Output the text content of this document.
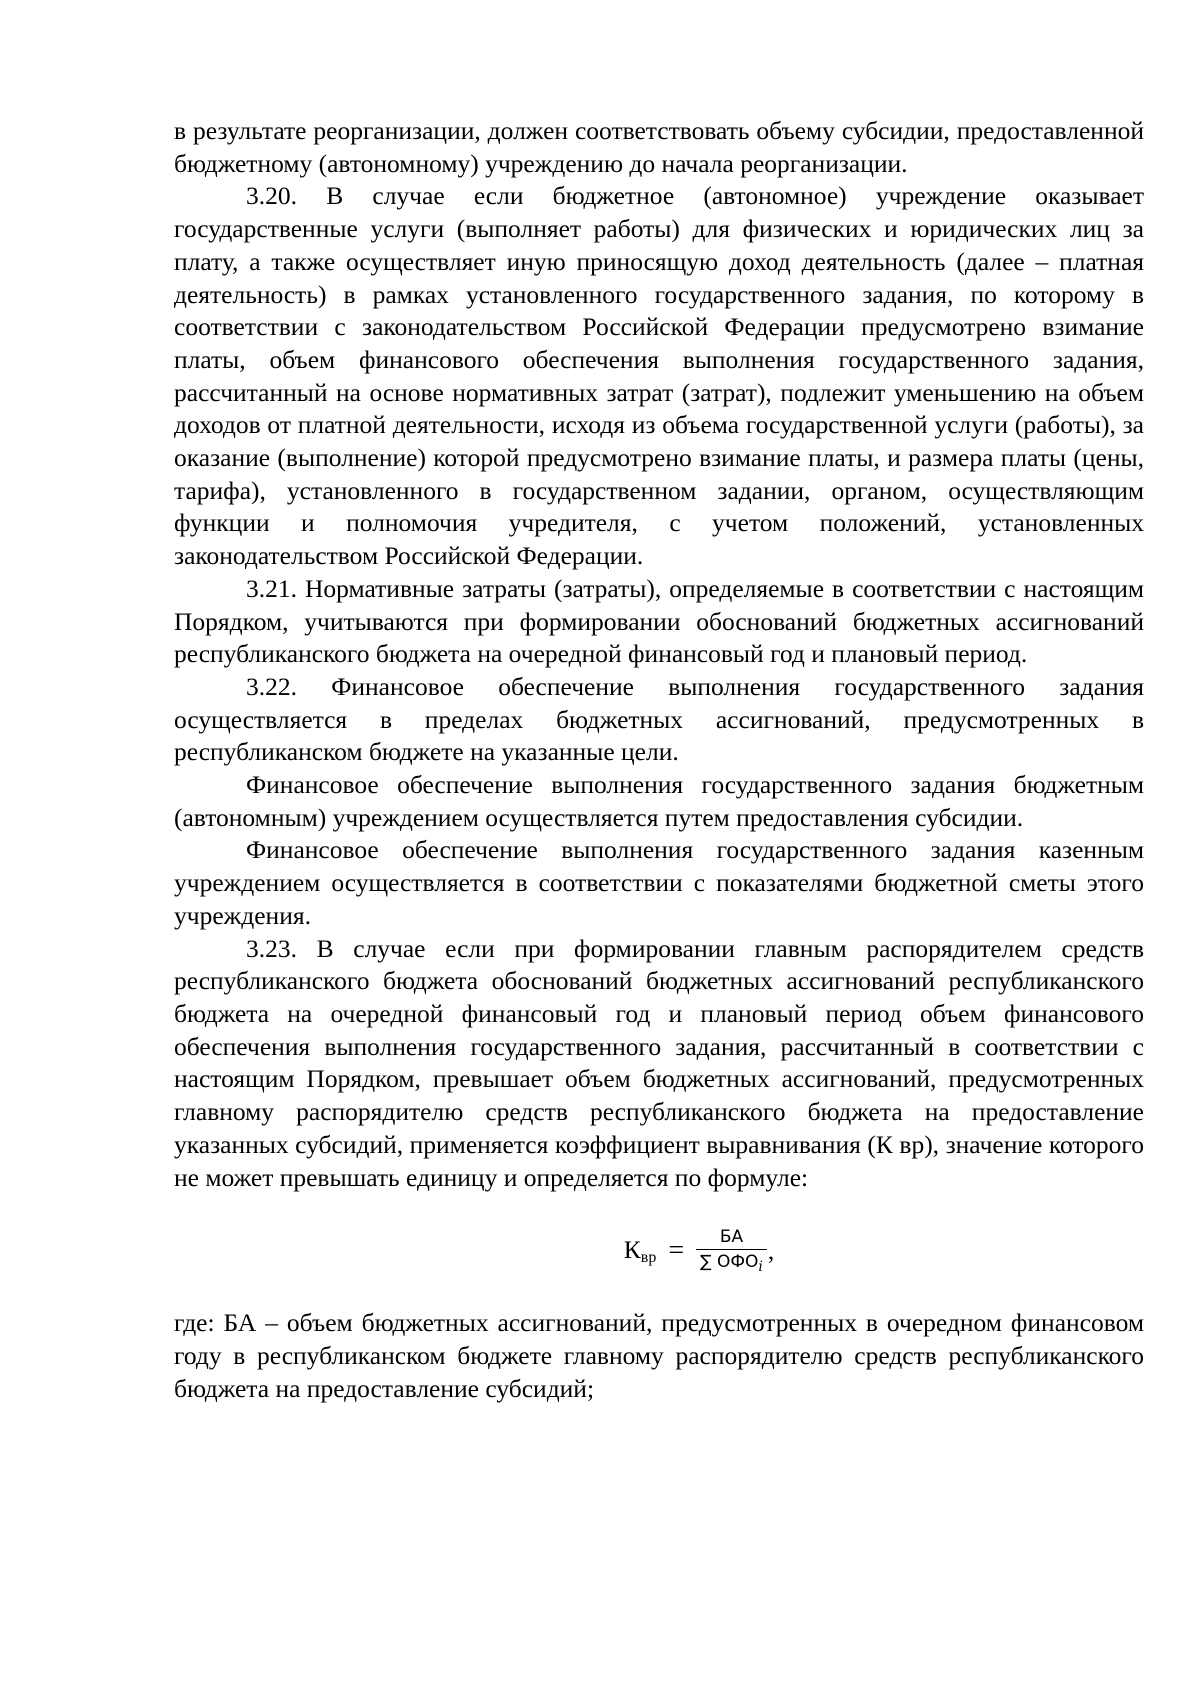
в результате реорганизации, должен соответствовать объему субсидии, предоставленной бюджетному (автономному) учреждению до начала реорганизации.

3.20. В случае если бюджетное (автономное) учреждение оказывает государственные услуги (выполняет работы) для физических и юридических лиц за плату, а также осуществляет иную приносящую доход деятельность (далее – платная деятельность) в рамках установленного государственного задания, по которому в соответствии с законодательством Российской Федерации предусмотрено взимание платы, объем финансового обеспечения выполнения государственного задания, рассчитанный на основе нормативных затрат (затрат), подлежит уменьшению на объем доходов от платной деятельности, исходя из объема государственной услуги (работы), за оказание (выполнение) которой предусмотрено взимание платы, и размера платы (цены, тарифа), установленного в государственном задании, органом, осуществляющим функции и полномочия учредителя, с учетом положений, установленных законодательством Российской Федерации.

3.21. Нормативные затраты (затраты), определяемые в соответствии с настоящим Порядком, учитываются при формировании обоснований бюджетных ассигнований республиканского бюджета на очередной финансовый год и плановый период.

3.22. Финансовое обеспечение выполнения государственного задания осуществляется в пределах бюджетных ассигнований, предусмотренных в республиканском бюджете на указанные цели.

Финансовое обеспечение выполнения государственного задания бюджетным (автономным) учреждением осуществляется путем предоставления субсидии.

Финансовое обеспечение выполнения государственного задания казенным учреждением осуществляется в соответствии с показателями бюджетной сметы этого учреждения.

3.23. В случае если при формировании главным распорядителем средств республиканского бюджета обоснований бюджетных ассигнований республиканского бюджета на очередной финансовый год и плановый период объем финансового обеспечения выполнения государственного задания, рассчитанный в соответствии с настоящим Порядком, превышает объем бюджетных ассигнований, предусмотренных главному распорядителю средств республиканского бюджета на предоставление указанных субсидий, применяется коэффициент выравнивания (К вр), значение которого не может превышать единицу и определяется по формуле:

$К_{вр} = \frac{БА}{\sum ОФО_i}$ ,

где: БА – объем бюджетных ассигнований, предусмотренных в очередном финансовом году в республиканском бюджете главному распорядителю средств республиканского бюджета на предоставление субсидий;
